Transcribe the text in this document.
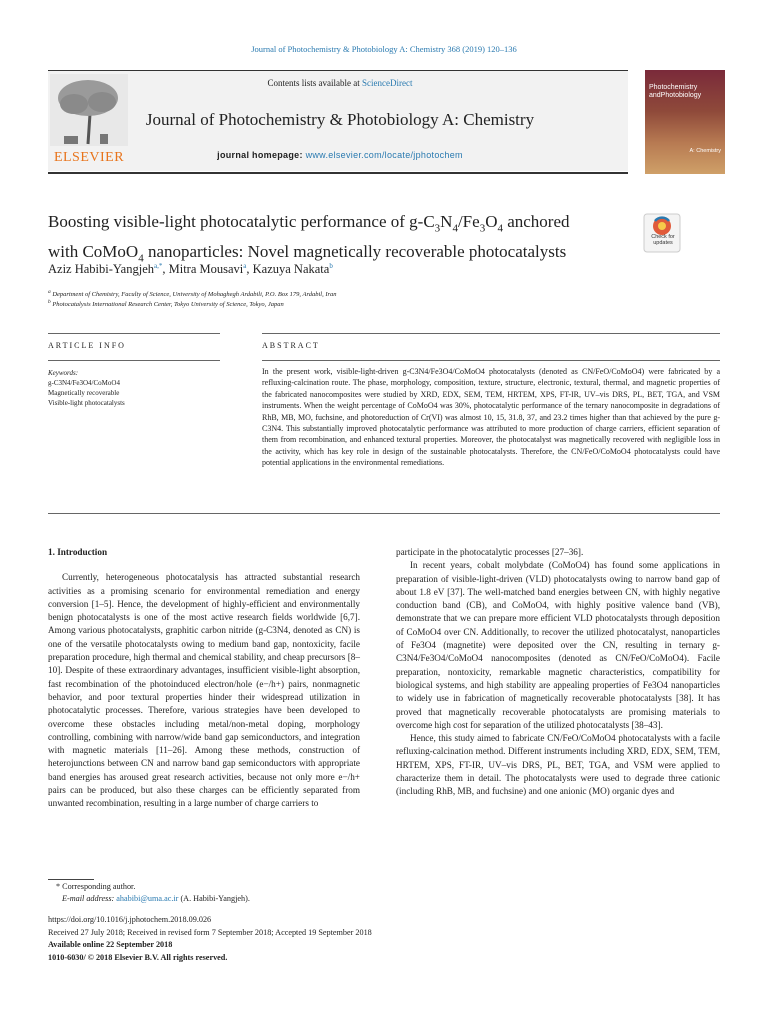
Journal of Photochemistry & Photobiology A: Chemistry 368 (2019) 120–136
ELSEVIER
Contents lists available at ScienceDirect
Journal of Photochemistry & Photobiology A: Chemistry
journal homepage: www.elsevier.com/locate/jphotochem
Photochemistry
andPhotobiology
A: Chemistry
Boosting visible-light photocatalytic performance of $g-C_3N_4/Fe_3O_4$ anchored
with CoMoO$_4$ nanoparticles: Novel magnetically recoverable photocatalysts
Check for updates
Aziz Habibi-Yangjeh$^{a,*}$, Mitra Mousavi$^a$, Kazuya Nakata$^b$
$^a$ Department of Chemistry, Faculty of Science, University of Mohaghegh Ardabili, P.O. Box 179, Ardabil, Iran
$^b$ Photocatalysis International Research Center, Tokyo University of Science, Tokyo, Japan
ARTICLE INFO	ABSTRACT
Keywords:
g-C3N4/Fe3O4/CoMoO4
Magnetically recoverable
Visible-light photocatalysts
In the present work, visible-light-driven g-C3N4/Fe3O4/CoMoO4 photocatalysts (denoted as CN/FeO/CoMoO4) were fabricated by a refluxing-calcination route. The phase, morphology, composition, texture, structure, electronic, textural, thermal, and magnetic properties of the fabricated nanocomposites were studied by XRD, EDX, SEM, TEM, HRTEM, XPS, FT-IR, UV–vis DRS, PL, BET, TGA, and VSM instruments. When the weight percentage of CoMoO4 was 30%, photocatalytic performance of the ternary nanocomposite in degradations of RhB, MB, MO, fuchsine, and photoreduction of Cr(VI) was almost 10, 15, 31.8, 37, and 23.2 times higher than that achieved by the pure g-C3N4. This substantially improved photocatalytic performance was attributed to more production of charge carriers, efficient separation of them from recombination, and enhanced textural properties. Moreover, the photocatalyst was magnetically recovered with negligible loss in the activity, which has key role in design of the sustainable photocatalysts. Therefore, the CN/FeO/CoMoO4 photocatalysts could have potential applications in the environmental remediations.
1. Introduction

Currently, heterogeneous photocatalysis has attracted substantial research activities as a promising scenario for environmental remediation and energy conversion [1–5]. Hence, the development of highly-efficient and environmentally benign photocatalysts is one of the most active research fields worldwide [6,7]. Among various photocatalysts, graphitic carbon nitride (g-C3N4, denoted as CN) is one of the versatile photocatalysts owing to medium band gap, nontoxicity, facile preparation procedure, high thermal and chemical stability, and cheap precursors [8–10]. Despite of these extraordinary advantages, insufficient visible-light absorption, fast recombination of the photoinduced electron/hole (e−/h+) pairs, nonmagnetic behavior, and poor textural properties hinder their widespread utilization in photocatalytic processes. Therefore, various strategies have been developed to overcome these obstacles including metal/non-metal doping, morphology controlling, combining with narrow/wide band gap semiconductors, and integration with magnetic materials [11–26]. Among these methods, construction of heterojunctions between CN and narrow band gap semiconductors with appropriate band energies has aroused great research activities, because not only more e−/h+ pairs can be produced, but also these charges can be efficiently separated from unwanted recombination, resulting in a large number of charge carriers to

participate in the photocatalytic processes [27–36].

In recent years, cobalt molybdate (CoMoO4) has found some applications in preparation of visible-light-driven (VLD) photocatalysts owing to narrow band gap of about 1.8 eV [37]. The well-matched band energies between CN, with highly negative conduction band (CB), and CoMoO4, with highly positive valence band (VB), demonstrate that we can prepare more efficient VLD photocatalysts through deposition of CoMoO4 over CN. Additionally, to recover the utilized photocatalyst, nanoparticles of Fe3O4 (magnetite) were deposited over the CN, resulting in ternary g-C3N4/Fe3O4/CoMoO4 nanocomposites (denoted as CN/FeO/CoMoO4). Facile preparation, nontoxicity, remarkable magnetic characteristics, compatibility for biological systems, and high stability are appealing properties of Fe3O4 nanoparticles to widely use in fabrication of magnetically recoverable photocatalysts [38]. It has proved that magnetically recoverable photocatalysts are promising materials to overcome high cost for separation of the utilized photocatalysts [38–43].

Hence, this study aimed to fabricate CN/FeO/CoMoO4 photocatalysts with a facile refluxing-calcination method. Different instruments including XRD, EDX, SEM, TEM, HRTEM, XPS, FT-IR, UV–vis DRS, PL, BET, TGA, and VSM were applied to characterize them in detail. The photocatalysts were used to degrade three cationic (including RhB, MB, and fuchsine) and one anionic (MO) organic dyes and

* Corresponding author.
E-mail address: ahabibi@uma.ac.ir (A. Habibi-Yangjeh).
https://doi.org/10.1016/j.jphotochem.2018.09.026
Received 27 July 2018; Received in revised form 7 September 2018; Accepted 19 September 2018
Available online 22 September 2018
1010-6030/ © 2018 Elsevier B.V. All rights reserved.
